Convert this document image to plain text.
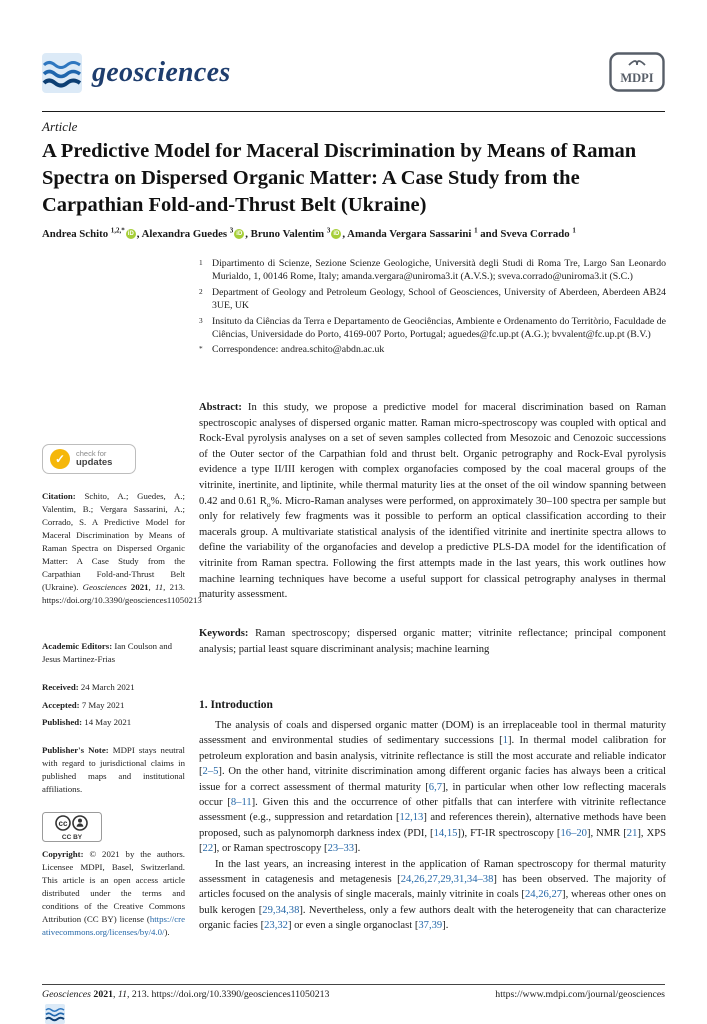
geosciences	MDPI
Article
A Predictive Model for Maceral Discrimination by Means of Raman Spectra on Dispersed Organic Matter: A Case Study from the Carpathian Fold-and-Thrust Belt (Ukraine)
Andrea Schito $^{1,2,*}$ iD , Alexandra Guedes $^3$ iD , Bruno Valentim $^3$ iD , Amanda Vergara Sassarini $^1$ and Sveva Corrado $^1$
1 Dipartimento di Scienze, Sezione Scienze Geologiche, Università degli Studi di Roma Tre, Largo San Leonardo Murialdo, 1, 00146 Rome, Italy; amanda.vergara@uniroma3.it (A.V.S.); sveva.corrado@uniroma3.it (S.C.)
2 Department of Geology and Petroleum Geology, School of Geosciences, University of Aberdeen, Aberdeen AB24 3UE, UK
3 Insituto da Ciências da Terra e Departamento de Geociências, Ambiente e Ordenamento do Territòrio, Faculdade de Ciências, Universidade do Porto, 4169-007 Porto, Portugal; aguedes@fc.up.pt (A.G.); bvvalent@fc.up.pt (B.V.)
* Correspondence: andrea.schito@abdn.ac.uk
Abstract: In this study, we propose a predictive model for maceral discrimination based on Raman spectroscopic analyses of dispersed organic matter. Raman micro-spectroscopy was coupled with optical and Rock-Eval pyrolysis analyses on a set of seven samples collected from Mesozoic and Cenozoic successions of the Outer sector of the Carpathian fold and thrust belt. Organic petrography and Rock-Eval pyrolysis evidence a type II/III kerogen with complex organofacies composed by the coal maceral groups of the vitrinite, inertinite, and liptinite, while thermal maturity lies at the onset of the oil window spanning between 0.42 and 0.61 $R_o\%$. Micro-Raman analyses were performed, on approximately 30–100 spectra per sample but only for relatively few fragments was it possible to perform an optical classification according to their macerals group. A multivariate statistical analysis of the identified vitrinite and inertinite spectra allows to define the variability of the organofacies and develop a predictive PLS-DA model for the identification of vitrinite from Raman spectra. Following the first attempts made in the last years, this work outlines how machine learning techniques have become a useful support for classical petrography analyses in thermal maturity assessment.
Keywords: Raman spectroscopy; dispersed organic matter; vitrinite reflectance; principal component analysis; partial least square discriminant analysis; machine learning
1. Introduction

The analysis of coals and dispersed organic matter (DOM) is an irreplaceable tool in thermal maturity assessment and environmental studies of sedimentary successions [1]. In thermal model calibration for petroleum exploration and basin analysis, vitrinite reflectance is still the most accurate and reliable indicator [2–5]. On the other hand, vitrinite discrimination among different organic facies has always been a critical issue for a correct assessment of thermal maturity [6,7], in particular when other low reflecting macerals occur [8–11]. Given this and the occurrence of other pitfalls that can interfere with vitrinite reflectance assessment (e.g., suppression and retardation [12,13] and references therein), alternative methods have been proposed, such as palynomorph darkness index (PDI, [14,15]), FT-IR spectroscopy [16–20], NMR [21], XPS [22], or Raman spectroscopy [23–33].

In the last years, an increasing interest in the application of Raman spectroscopy for thermal maturity assessment in catagenesis and metagenesis [24,26,27,29,31,34–38] has been observed. The majority of articles focused on the analysis of single macerals, mainly vitrinite in coals [24,26,27], whereas other ones on bulk kerogen [29,34,38]. Nevertheless, only a few authors dealt with the heterogeneity that can characterize organic facies [23,32] or even a single organoclast [37,39].

✓	check for
updates
Citation: Schito, A.; Guedes, A.; Valentim, B.; Vergara Sassarini, A.; Corrado, S. A Predictive Model for Maceral Discrimination by Means of Raman Spectra on Dispersed Organic Matter: A Case Study from the Carpathian Fold-and-Thrust Belt (Ukraine). Geosciences 2021, 11, 213. https://doi.org/10.3390/geosciences11050213
Academic Editors: Ian Coulson and Jesus Martinez-Frias
Received: 24 March 2021
Accepted: 7 May 2021
Published: 14 May 2021
Publisher's Note: MDPI stays neutral with regard to jurisdictional claims in published maps and institutional affiliations.
cc
CC BY
Copyright: © 2021 by the authors. Licensee MDPI, Basel, Switzerland. This article is an open access article distributed under the terms and conditions of the Creative Commons Attribution (CC BY) license (https://creativecommons.org/licenses/by/4.0/).
Geosciences 2021, 11, 213. https://doi.org/10.3390/geosciences11050213	https://www.mdpi.com/journal/geosciences
